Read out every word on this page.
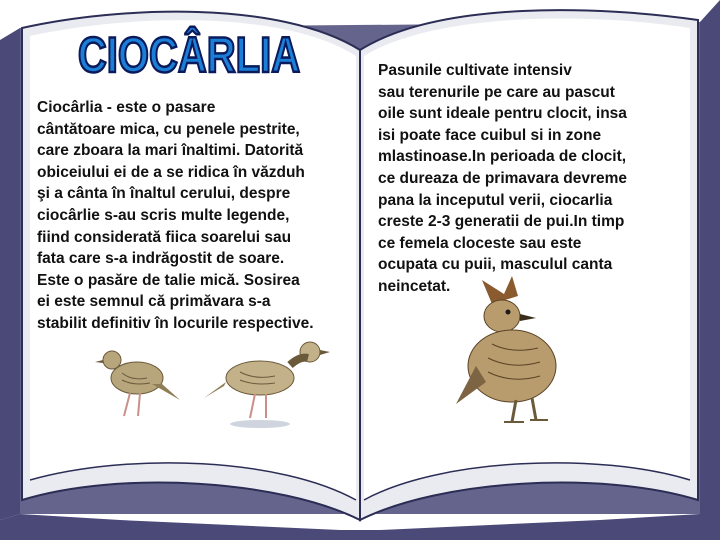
CIOCÂRLIA

Ciocârlia - este o pasare
cântătoare mica, cu penele pestrite,
care zboara la mari înaltimi. Datorită
obiceiului ei de a se ridica în văzduh
şi a cânta în înaltul cerului, despre
ciocârlie s-au scris multe legende,
fiind considerată fiica soarelui sau
fata care s-a indrăgostit de soare.
Este o pasăre de talie mică. Sosirea
ei este semnul că primăvara s-a
stabilit definitiv în locurile respective.

Pasunile cultivate intensiv
sau terenurile pe care au pascut
oile sunt ideale pentru clocit, insa
isi poate face cuibul si in zone
mlastinoase.In perioada de clocit,
ce dureaza de primavara devreme
pana la inceputul verii, ciocarlia
creste 2-3 generatii de pui.In timp
ce femela cloceste sau este
ocupata cu puii, masculul canta
neincetat.
